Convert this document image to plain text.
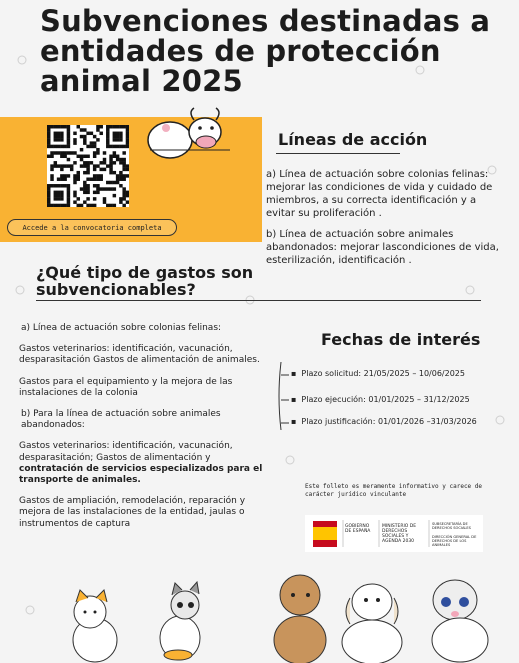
Subvenciones destinadas a entidades de protección animal 2025
Accede a la convocatoria completa
Líneas de acción

a) Línea de actuación sobre colonias felinas: mejorar las condiciones de vida y cuidado de miembros, a su correcta identificación y a evitar su proliferación .

b) Línea de actuación sobre animales abandonados: mejorar lascondiciones de vida, esterilización, identificación .

¿Qué tipo de gastos son subvencionables?

a) Línea de actuación sobre colonias felinas:

Gastos veterinarios: identificación, vacunación, desparasitación Gastos de alimentación de animales.

Gastos para el equipamiento y la mejora de las instalaciones de la colonia

b) Para la línea de actuación sobre animales abandonados:

Gastos veterinarios: identificación, vacunación, desparasitación; Gastos de alimentación y contratación de servicios especializados para el transporte de animales.

Gastos de ampliación, remodelación, reparación y mejora de las instalaciones de la entidad, jaulas o instrumentos de captura

Fechas de interés
▪ Plazo solicitud: 21/05/2025 – 10/06/2025
▪ Plazo ejecución: 01/01/2025 – 31/12/2025
▪ Plazo justificación: 01/01/2026 –31/03/2026
Este folleto es meramente informativo y carece de carácter jurídico vinculante
GOBIERNO DE ESPAÑA
MINISTERIO DE DERECHOS SOCIALES Y AGENDA 2030
SUBSECRETARÍA DE DERECHOS SOCIALES
DIRECCIÓN GENERAL DE DERECHOS DE LOS ANIMALES
